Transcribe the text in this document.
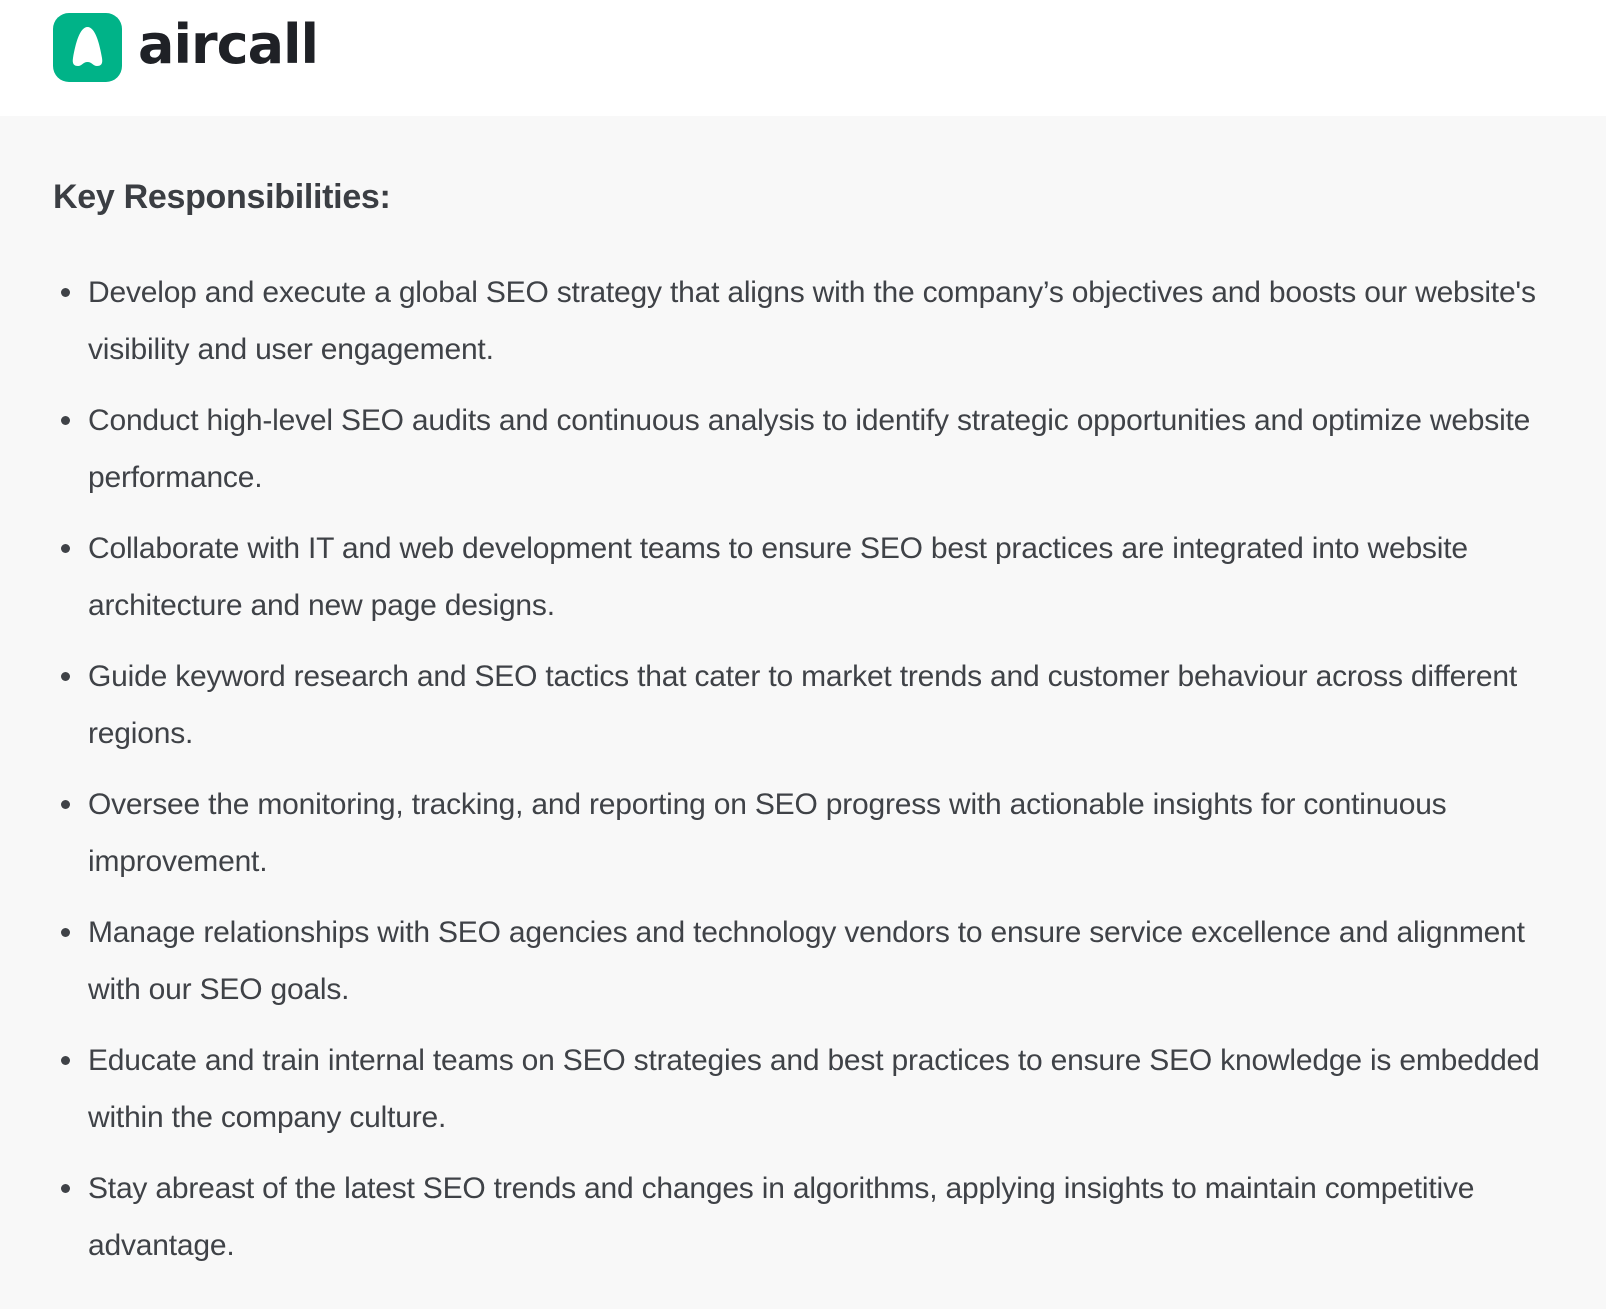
aircall
Key Responsibilities:
Develop and execute a global SEO strategy that aligns with the company’s objectives and boosts our website's visibility and user engagement.
Conduct high-level SEO audits and continuous analysis to identify strategic opportunities and optimize website performance.
Collaborate with IT and web development teams to ensure SEO best practices are integrated into website architecture and new page designs.
Guide keyword research and SEO tactics that cater to market trends and customer behaviour across different regions.
Oversee the monitoring, tracking, and reporting on SEO progress with actionable insights for continuous improvement.
Manage relationships with SEO agencies and technology vendors to ensure service excellence and alignment with our SEO goals.
Educate and train internal teams on SEO strategies and best practices to ensure SEO knowledge is embedded within the company culture.
Stay abreast of the latest SEO trends and changes in algorithms, applying insights to maintain competitive advantage.
